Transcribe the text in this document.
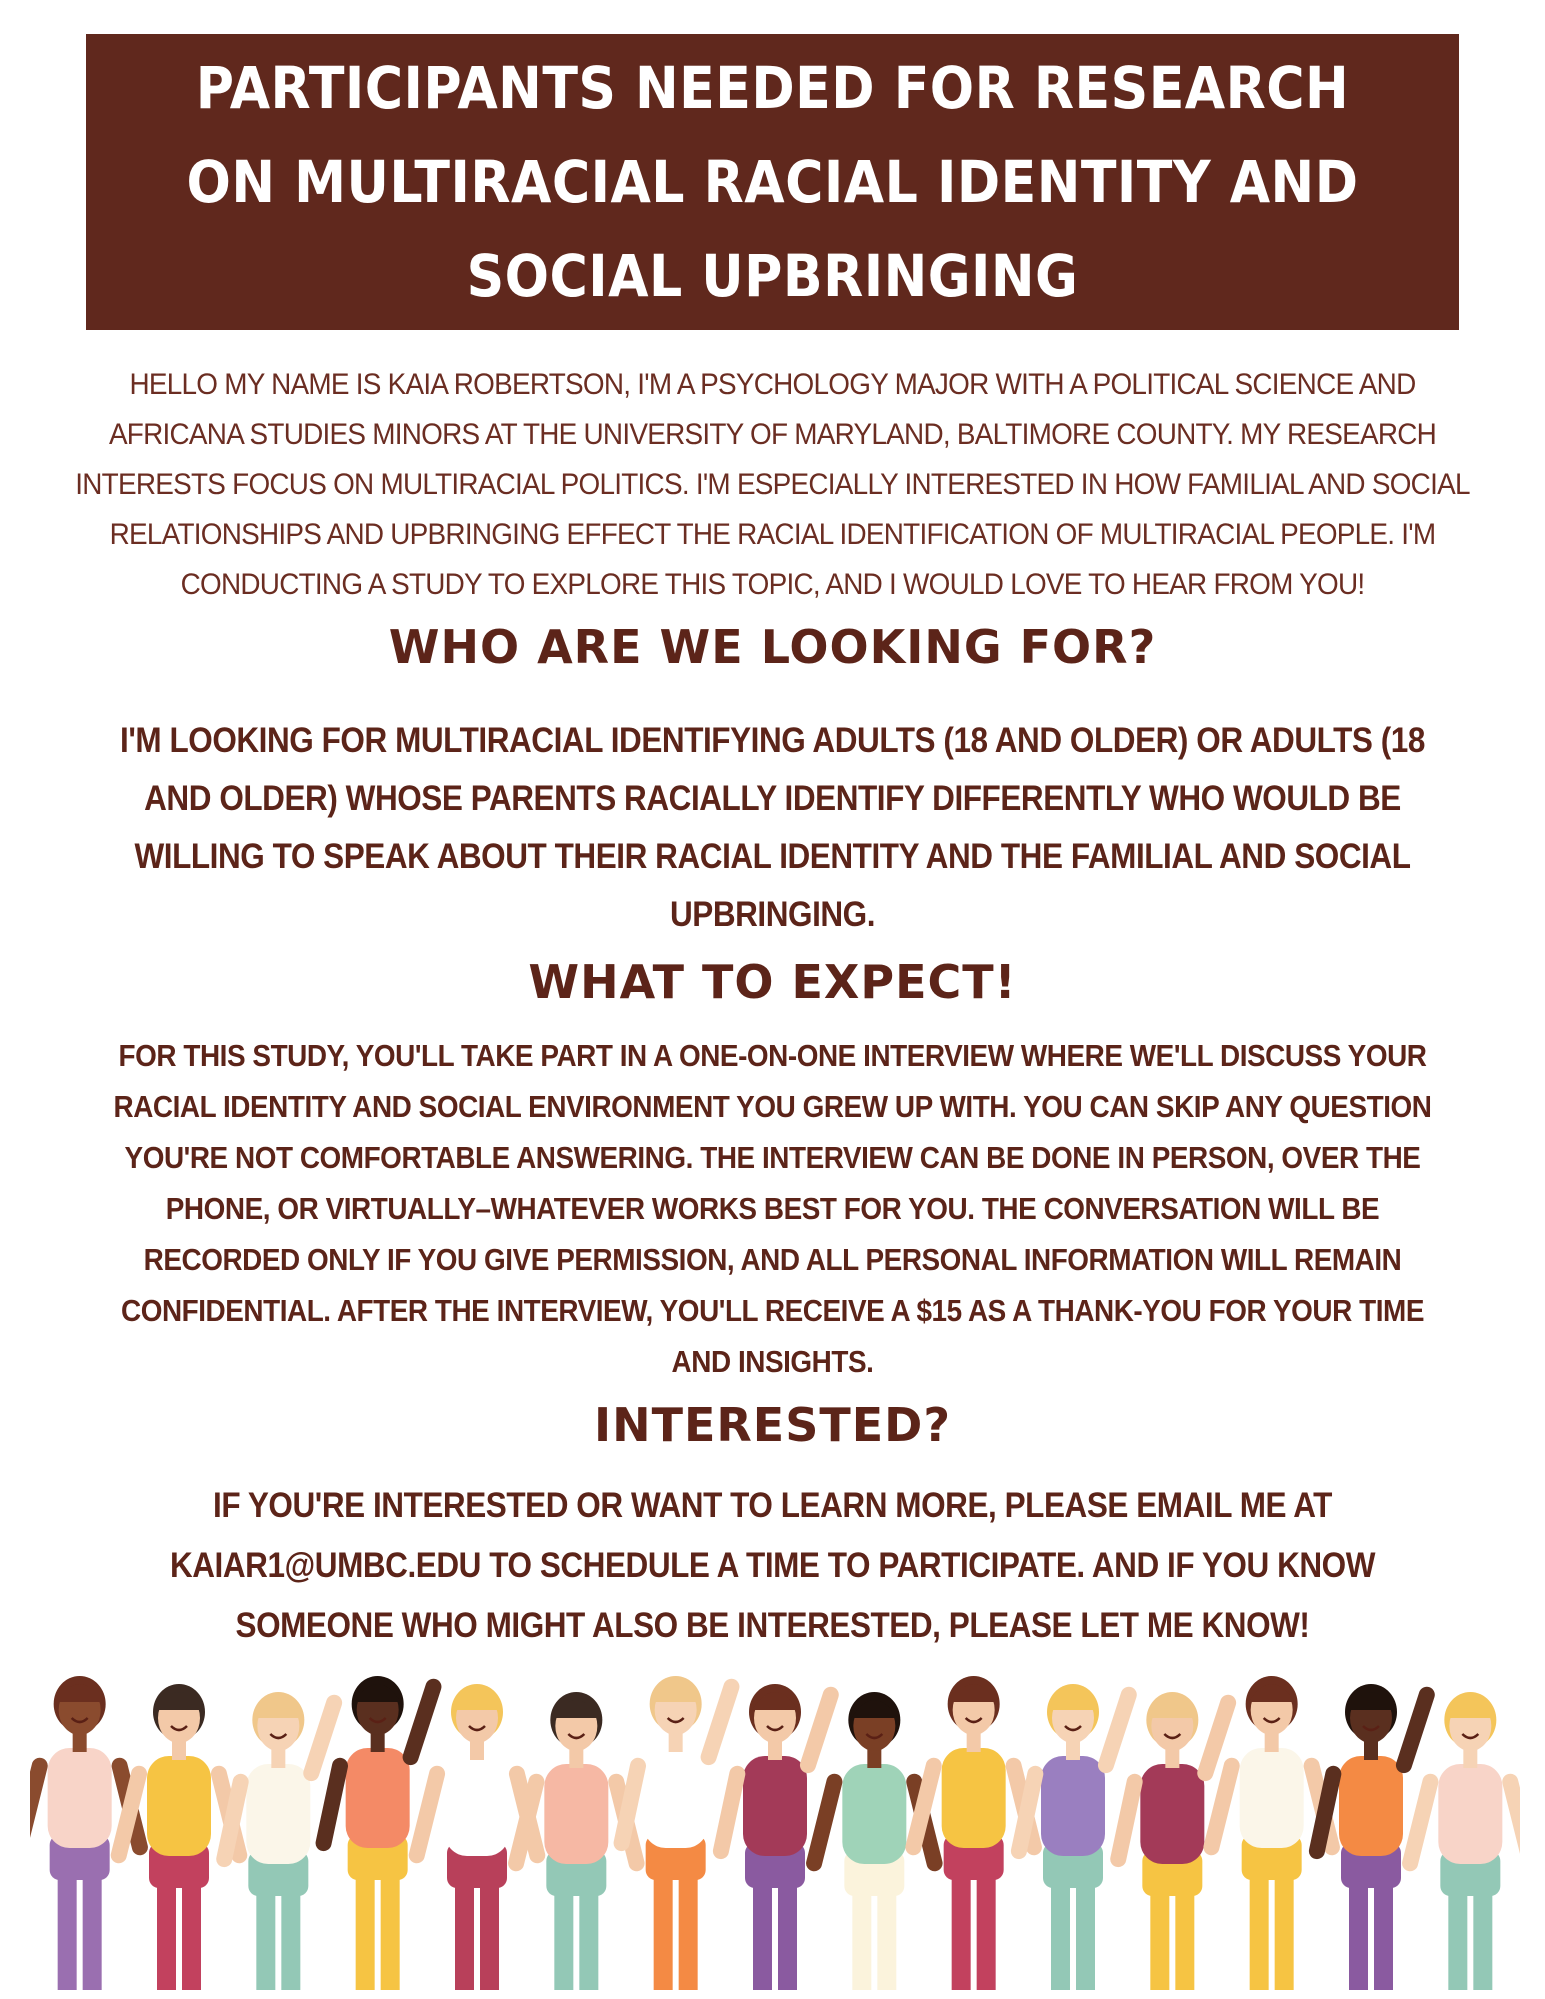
PARTICIPANTS NEEDED FOR RESEARCH ON MULTIRACIAL RACIAL IDENTITY AND SOCIAL UPBRINGING

HELLO MY NAME IS KAIA ROBERTSON, I'M A PSYCHOLOGY MAJOR WITH A POLITICAL SCIENCE AND AFRICANA STUDIES MINORS AT THE UNIVERSITY OF MARYLAND, BALTIMORE COUNTY. MY RESEARCH INTERESTS FOCUS ON MULTIRACIAL POLITICS. I'M ESPECIALLY INTERESTED IN HOW FAMILIAL AND SOCIAL RELATIONSHIPS AND UPBRINGING EFFECT THE RACIAL IDENTIFICATION OF MULTIRACIAL PEOPLE. I'M CONDUCTING A STUDY TO EXPLORE THIS TOPIC, AND I WOULD LOVE TO HEAR FROM YOU!

WHO ARE WE LOOKING FOR?

I'M LOOKING FOR MULTIRACIAL IDENTIFYING ADULTS (18 AND OLDER) OR ADULTS (18 AND OLDER) WHOSE PARENTS RACIALLY IDENTIFY DIFFERENTLY WHO WOULD BE WILLING TO SPEAK ABOUT THEIR RACIAL IDENTITY AND THE FAMILIAL AND SOCIAL UPBRINGING.

WHAT TO EXPECT!

FOR THIS STUDY, YOU'LL TAKE PART IN A ONE-ON-ONE INTERVIEW WHERE WE'LL DISCUSS YOUR RACIAL IDENTITY AND SOCIAL ENVIRONMENT YOU GREW UP WITH. YOU CAN SKIP ANY QUESTION YOU'RE NOT COMFORTABLE ANSWERING. THE INTERVIEW CAN BE DONE IN PERSON, OVER THE PHONE, OR VIRTUALLY–WHATEVER WORKS BEST FOR YOU. THE CONVERSATION WILL BE RECORDED ONLY IF YOU GIVE PERMISSION, AND ALL PERSONAL INFORMATION WILL REMAIN CONFIDENTIAL. AFTER THE INTERVIEW, YOU'LL RECEIVE A $15 AS A THANK-YOU FOR YOUR TIME AND INSIGHTS.

INTERESTED?

IF YOU'RE INTERESTED OR WANT TO LEARN MORE, PLEASE EMAIL ME AT KAIAR1@UMBC.EDU TO SCHEDULE A TIME TO PARTICIPATE. AND IF YOU KNOW SOMEONE WHO MIGHT ALSO BE INTERESTED, PLEASE LET ME KNOW!
